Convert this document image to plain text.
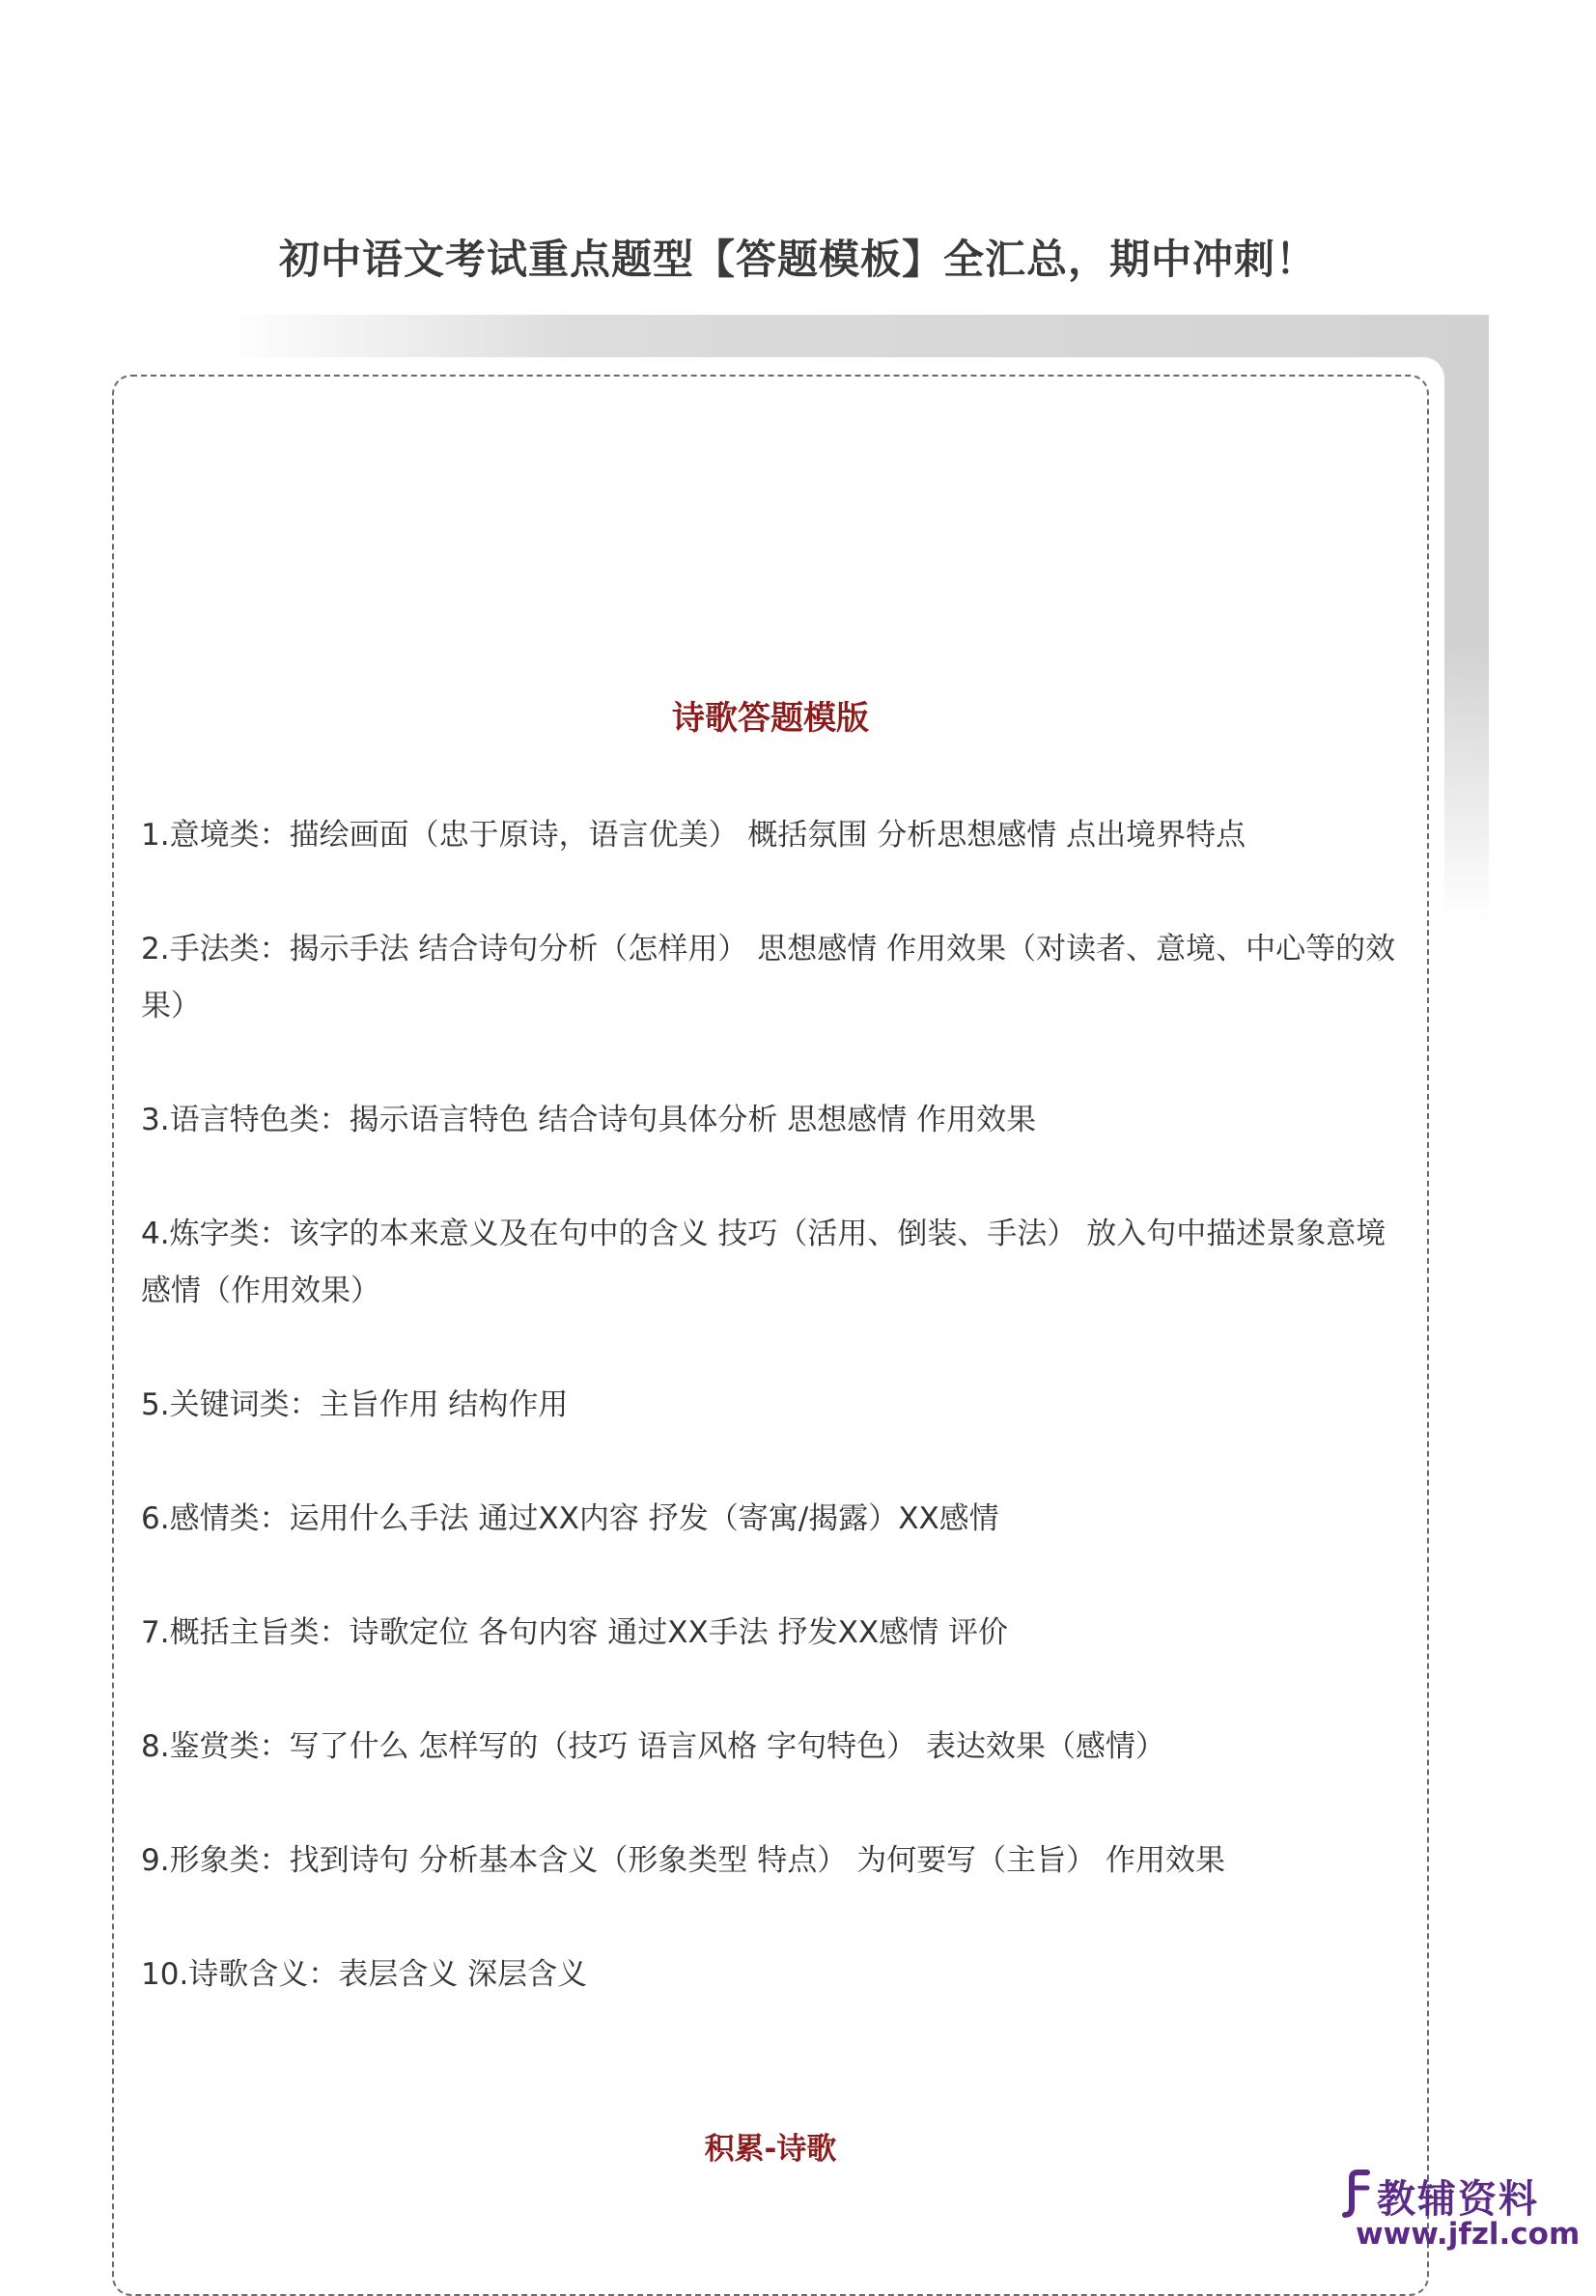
初中语文考试重点题型【答题模板】全汇总，期中冲刺！
诗歌答题模版

1.意境类：描绘画面（忠于原诗，语言优美） 概括氛围 分析思想感情 点出境界特点

2.手法类：揭示手法 结合诗句分析（怎样用） 思想感情 作用效果（对读者、意境、中心等的效果）

3.语言特色类：揭示语言特色 结合诗句具体分析 思想感情 作用效果

4.炼字类：该字的本来意义及在句中的含义 技巧（活用、倒装、手法） 放入句中描述景象意境感情（作用效果）

5.关键词类：主旨作用 结构作用

6.感情类：运用什么手法 通过XX内容 抒发（寄寓/揭露）XX感情

7.概括主旨类：诗歌定位 各句内容 通过XX手法 抒发XX感情 评价

8.鉴赏类：写了什么 怎样写的（技巧 语言风格 字句特色） 表达效果（感情）

9.形象类：找到诗句 分析基本含义（形象类型 特点） 为何要写（主旨） 作用效果

10.诗歌含义：表层含义 深层含义

积累-诗歌
教辅资料
www.jfzl.com
